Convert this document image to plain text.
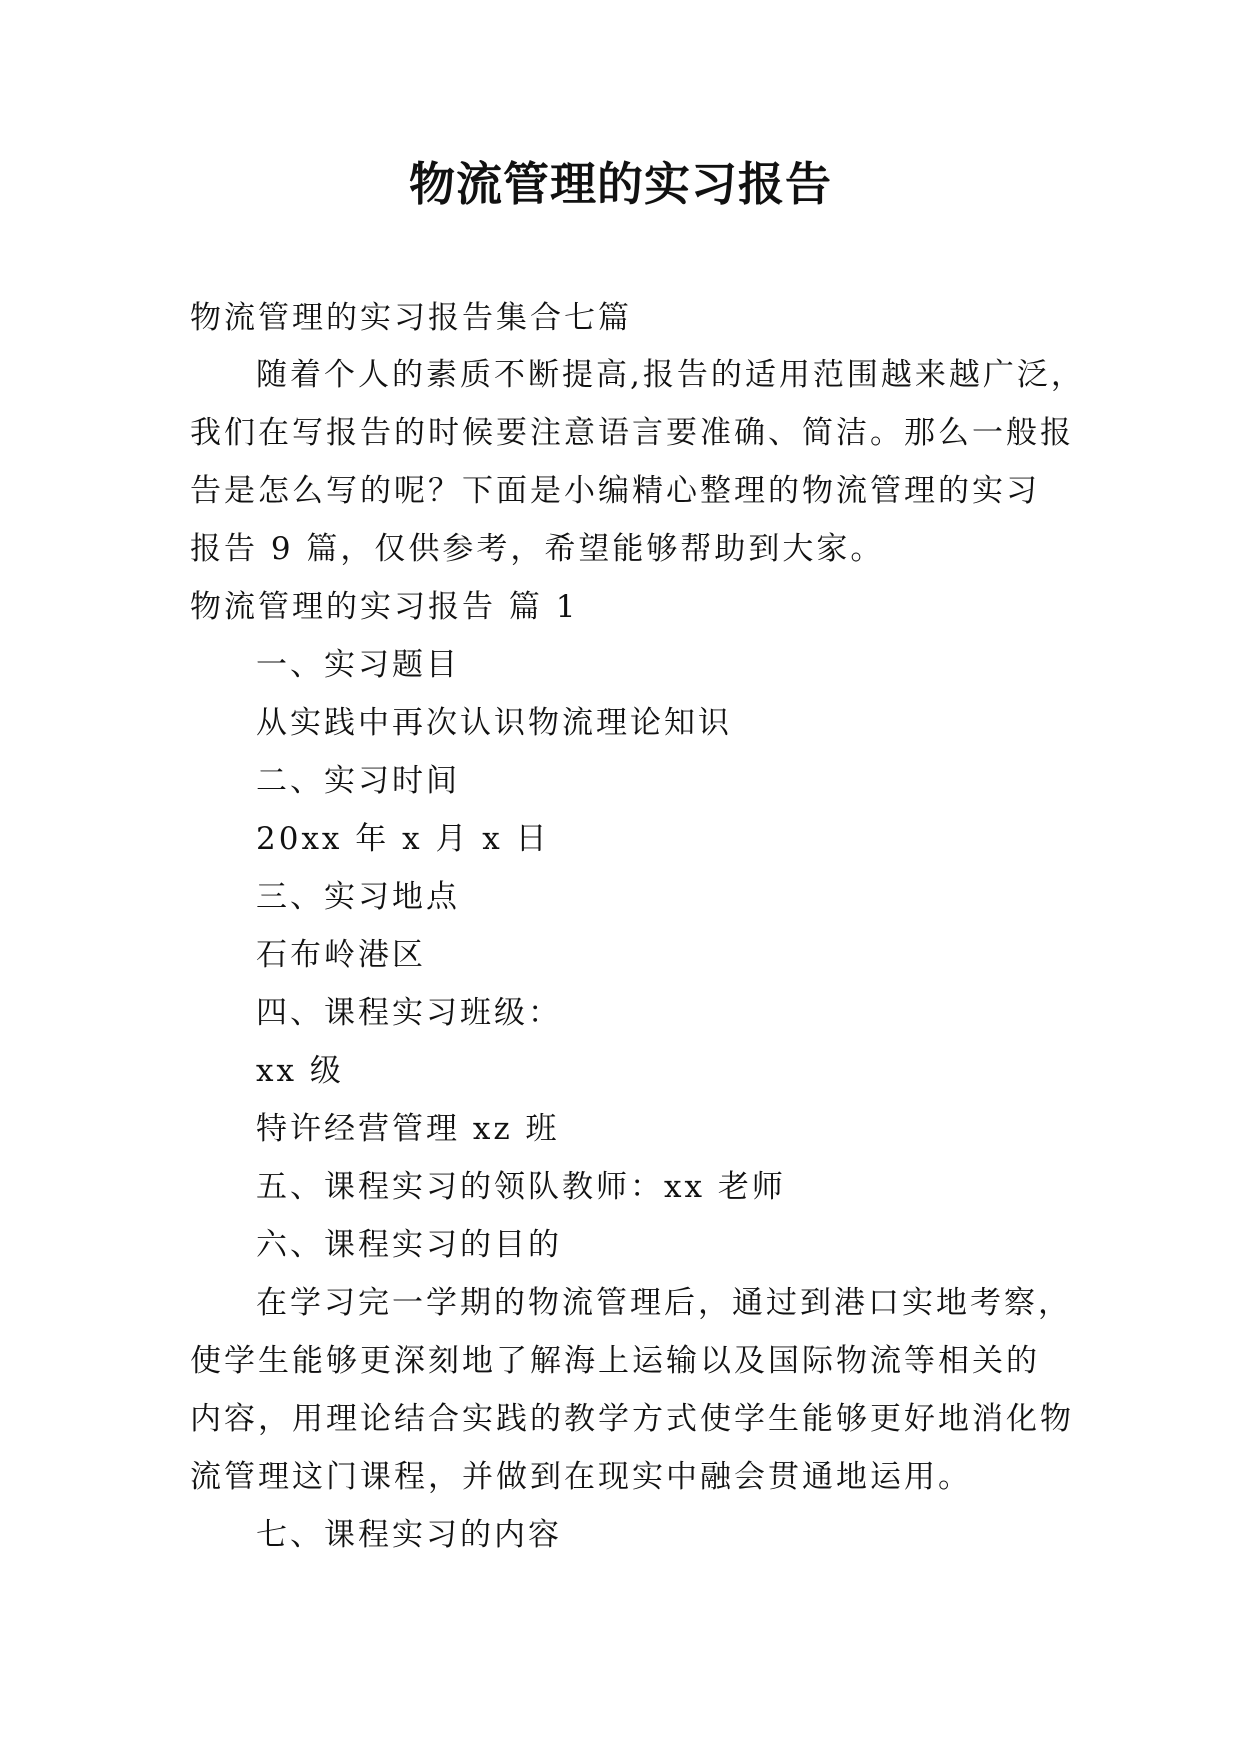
物流管理的实习报告
物流管理的实习报告集合七篇
随着个人的素质不断提高,报告的适用范围越来越广泛，
我们在写报告的时候要注意语言要准确、简洁。那么一般报
告是怎么写的呢？下面是小编精心整理的物流管理的实习
报告 9 篇，仅供参考，希望能够帮助到大家。
物流管理的实习报告 篇 1
一、实习题目
从实践中再次认识物流理论知识
二、实习时间
20xx 年 x 月 x 日
三、实习地点
石布岭港区
四、课程实习班级：
xx 级
特许经营管理 xz 班
五、课程实习的领队教师：xx 老师
六、课程实习的目的
在学习完一学期的物流管理后，通过到港口实地考察，
使学生能够更深刻地了解海上运输以及国际物流等相关的
内容，用理论结合实践的教学方式使学生能够更好地消化物
流管理这门课程，并做到在现实中融会贯通地运用。
七、课程实习的内容
